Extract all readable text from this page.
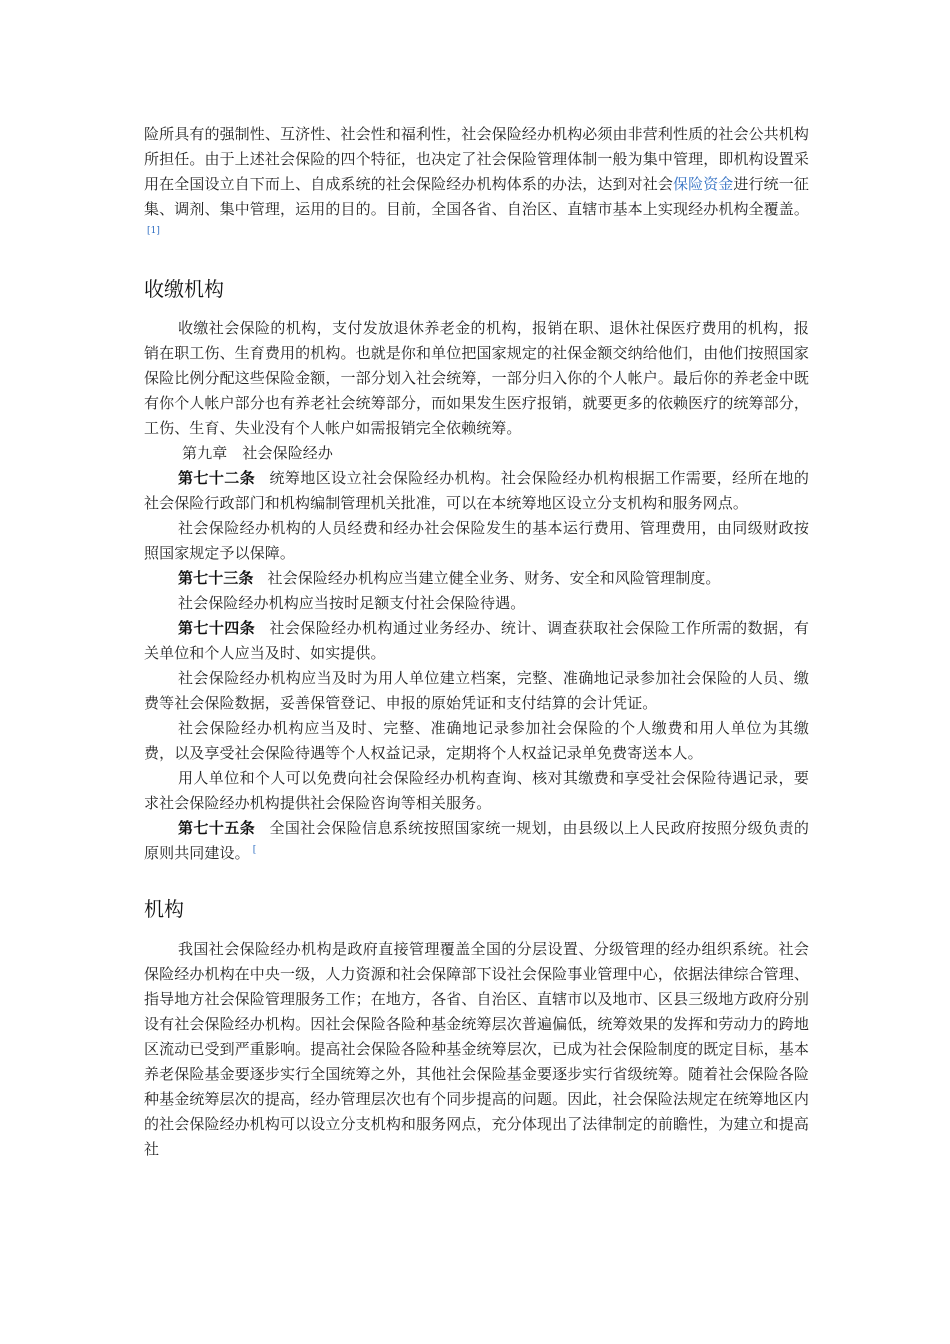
险所具有的强制性、互济性、社会性和福利性，社会保险经办机构必须由非营利性质的社会公共机构所担任。由于上述社会保险的四个特征，也决定了社会保险管理体制一般为集中管理，即机构设置采用在全国设立自下而上、自成系统的社会保险经办机构体系的办法，达到对社会保险资金进行统一征集、调剂、集中管理，运用的目的。目前，全国各省、自治区、直辖市基本上实现经办机构全覆盖。[1]

收缴机构

收缴社会保险的机构，支付发放退休养老金的机构，报销在职、退休社保医疗费用的机构，报销在职工伤、生育费用的机构。也就是你和单位把国家规定的社保金额交纳给他们，由他们按照国家保险比例分配这些保险金额，一部分划入社会统筹，一部分归入你的个人帐户。最后你的养老金中既有你个人帐户部分也有养老社会统筹部分，而如果发生医疗报销，就要更多的依赖医疗的统筹部分，工伤、生育、失业没有个人帐户如需报销完全依赖统筹。

第九章　社会保险经办

第七十二条 统筹地区设立社会保险经办机构。社会保险经办机构根据工作需要，经所在地的社会保险行政部门和机构编制管理机关批准，可以在本统筹地区设立分支机构和服务网点。

社会保险经办机构的人员经费和经办社会保险发生的基本运行费用、管理费用，由同级财政按照国家规定予以保障。

第七十三条 社会保险经办机构应当建立健全业务、财务、安全和风险管理制度。

社会保险经办机构应当按时足额支付社会保险待遇。

第七十四条 社会保险经办机构通过业务经办、统计、调查获取社会保险工作所需的数据，有关单位和个人应当及时、如实提供。

社会保险经办机构应当及时为用人单位建立档案，完整、准确地记录参加社会保险的人员、缴费等社会保险数据，妥善保管登记、申报的原始凭证和支付结算的会计凭证。

社会保险经办机构应当及时、完整、准确地记录参加社会保险的个人缴费和用人单位为其缴费，以及享受社会保险待遇等个人权益记录，定期将个人权益记录单免费寄送本人。

用人单位和个人可以免费向社会保险经办机构查询、核对其缴费和享受社会保险待遇记录，要求社会保险经办机构提供社会保险咨询等相关服务。

第七十五条 全国社会保险信息系统按照国家统一规划，由县级以上人民政府按照分级负责的原则共同建设。 [

机构

我国社会保险经办机构是政府直接管理覆盖全国的分层设置、分级管理的经办组织系统。社会保险经办机构在中央一级，人力资源和社会保障部下设社会保险事业管理中心，依据法律综合管理、指导地方社会保险管理服务工作；在地方，各省、自治区、直辖市以及地市、区县三级地方政府分别设有社会保险经办机构。因社会保险各险种基金统筹层次普遍偏低，统筹效果的发挥和劳动力的跨地区流动已受到严重影响。提高社会保险各险种基金统筹层次，已成为社会保险制度的既定目标，基本养老保险基金要逐步实行全国统筹之外，其他社会保险基金要逐步实行省级统筹。随着社会保险各险种基金统筹层次的提高，经办管理层次也有个同步提高的问题。因此，社会保险法规定在统筹地区内的社会保险经办机构可以设立分支机构和服务网点，充分体现出了法律制定的前瞻性，为建立和提高社
